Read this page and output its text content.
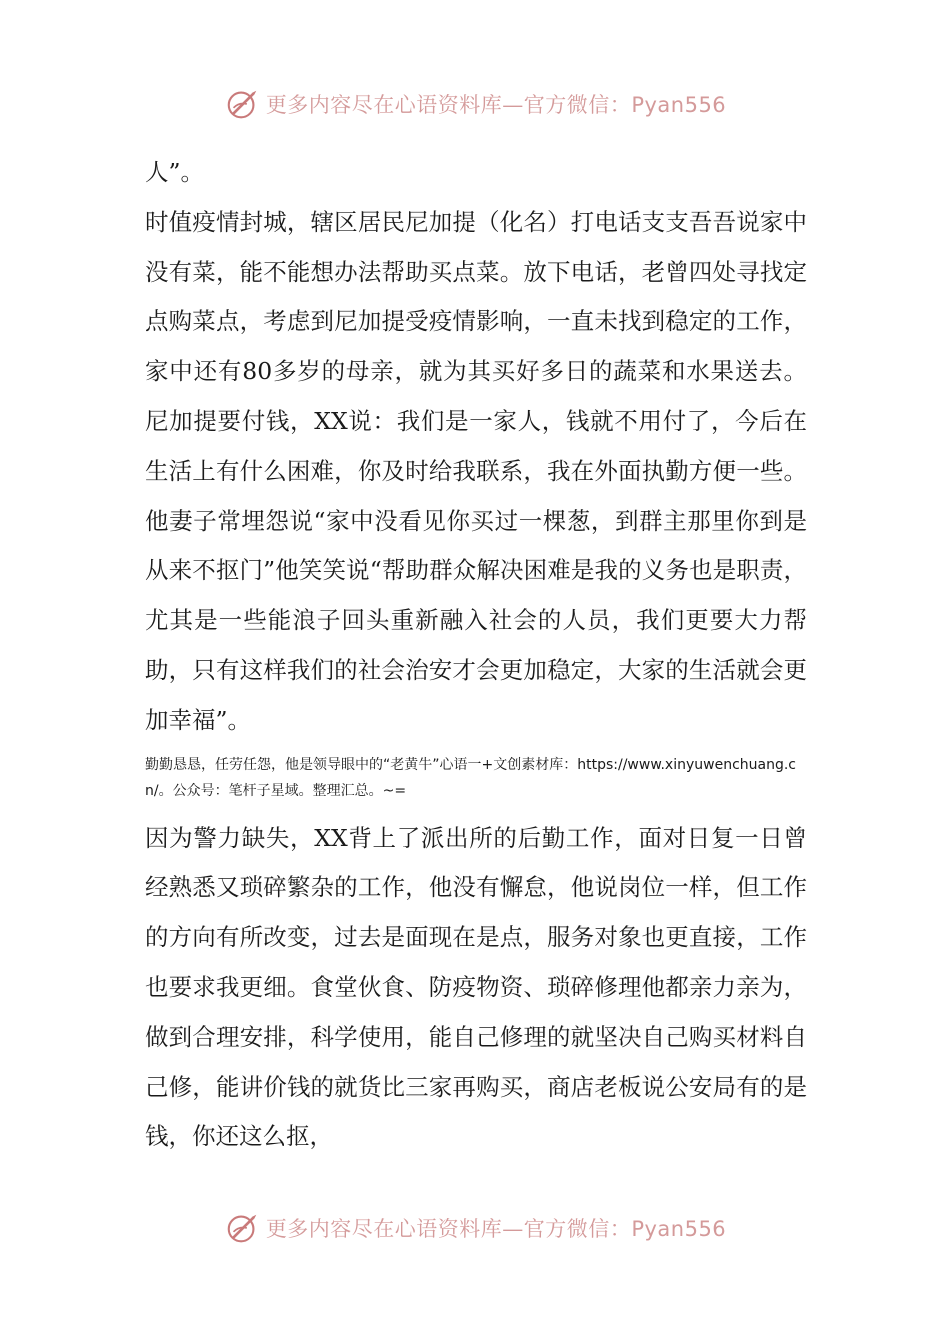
更多内容尽在心语资料库—官方微信：Pyan556

人”。

时值疫情封城，辖区居民尼加提（化名）打电话支支吾吾说家中没有菜，能不能想办法帮助买点菜。放下电话，老曾四处寻找定点购菜点，考虑到尼加提受疫情影响，一直未找到稳定的工作，家中还有80多岁的母亲，就为其买好多日的蔬菜和水果送去。尼加提要付钱，XX说：我们是一家人，钱就不用付了，今后在生活上有什么困难，你及时给我联系，我在外面执勤方便一些。他妻子常埋怨说“家中没看见你买过一棵葱，到群主那里你到是从来不抠门”他笑笑说“帮助群众解决困难是我的义务也是职责，尤其是一些能浪子回头重新融入社会的人员，我们更要大力帮助，只有这样我们的社会治安才会更加稳定，大家的生活就会更加幸福”。

勤勤恳恳，任劳任怨，他是领导眼中的“老黄牛”心语一+文创素材库：https://www.xinyuwenchuang.cn/。公众号：笔杆子星域。整理汇总。~=

因为警力缺失，XX背上了派出所的后勤工作，面对日复一日曾经熟悉又琐碎繁杂的工作，他没有懈怠，他说岗位一样，但工作的方向有所改变，过去是面现在是点，服务对象也更直接，工作也要求我更细。食堂伙食、防疫物资、琐碎修理他都亲力亲为，做到合理安排，科学使用，能自己修理的就坚决自己购买材料自己修，能讲价钱的就货比三家再购买，商店老板说公安局有的是钱，你还这么抠，

更多内容尽在心语资料库—官方微信：Pyan556
